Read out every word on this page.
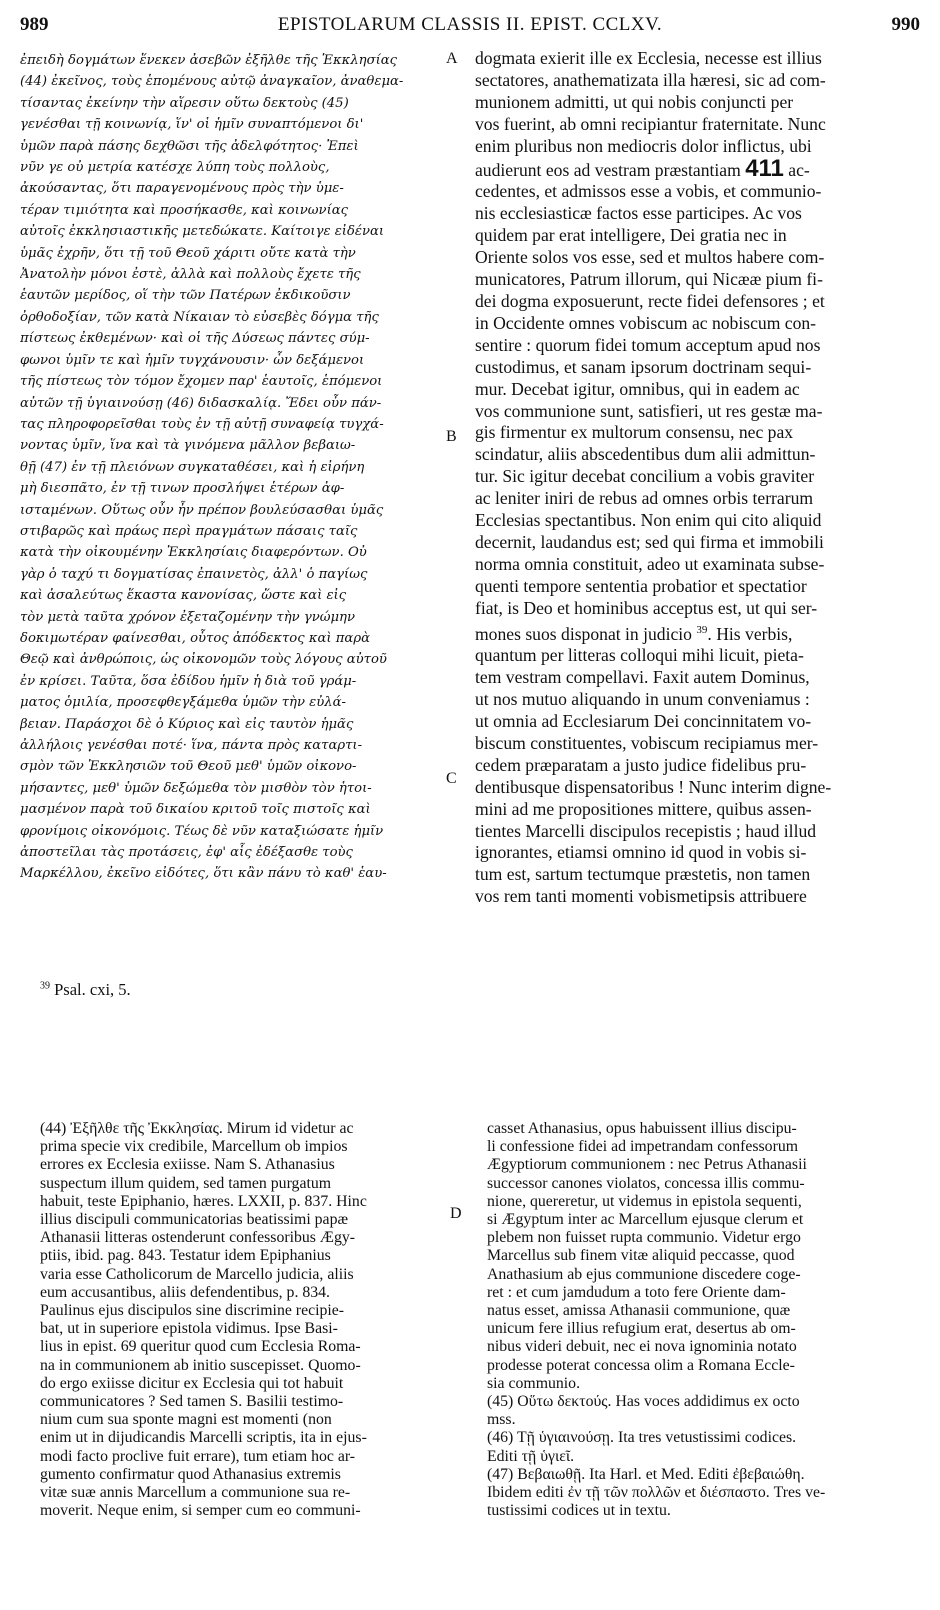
989	EPISTOLARUM CLASSIS II. EPIST. CCLXV.	990
ἐπειδὴ δογμάτων ἕνεκεν ἀσεβῶν ἐξῆλθε τῆς Ἐκκλησίας
(44) ἐκεῖνος, τοὺς ἑπομένους αὐτῷ ἀναγκαῖον, ἀναθεμα-
τίσαντας ἐκείνην τὴν αἵρεσιν οὕτω δεκτοὺς (45)
γενέσθαι τῇ κοινωνίᾳ, ἵν' οἱ ἡμῖν συναπτόμενοι δι'
ὑμῶν παρὰ πάσης δεχθῶσι τῆς ἀδελφότητος· Ἐπεὶ
νῦν γε οὐ μετρία κατέσχε λύπη τοὺς πολλοὺς,
ἀκούσαντας, ὅτι παραγενομένους πρὸς τὴν ὑμε-
τέραν τιμιότητα καὶ προσήκασθε, καὶ κοινωνίας
αὐτοῖς ἐκκλησιαστικῆς μετεδώκατε. Καίτοιγε εἰδέναι
ὑμᾶς ἐχρῆν, ὅτι τῇ τοῦ Θεοῦ χάριτι οὔτε κατὰ τὴν
Ἀνατολὴν μόνοι ἐστὲ, ἀλλὰ καὶ πολλοὺς ἔχετε τῆς
ἑαυτῶν μερίδος, οἵ τὴν τῶν Πατέρων ἐκδικοῦσιν
ὀρθοδοξίαν, τῶν κατὰ Νίκαιαν τὸ εὐσεβὲς δόγμα τῆς
πίστεως ἐκθεμένων· καὶ οἱ τῆς Δύσεως πάντες σύμ-
φωνοι ὑμῖν τε καὶ ἡμῖν τυγχάνουσιν· ὧν δεξάμενοι
τῆς πίστεως τὸν τόμον ἔχομεν παρ' ἑαυτοῖς, ἑπόμενοι
αὐτῶν τῇ ὑγιαινούσῃ (46) διδασκαλίᾳ. Ἔδει οὖν πάν-
τας πληροφορεῖσθαι τοὺς ἐν τῇ αὐτῇ συναφείᾳ τυγχά-
νοντας ὑμῖν, ἵνα καὶ τὰ γινόμενα μᾶλλον βεβαιω-
θῇ (47) ἐν τῇ πλειόνων συγκαταθέσει, καὶ ἡ εἰρήνη
μὴ διεσπᾶτο, ἐν τῇ τινων προσλήψει ἑτέρων ἀφ-
ισταμένων. Οὕτως οὖν ἦν πρέπον βουλεύσασθαι ὑμᾶς
στιβαρῶς καὶ πράως περὶ πραγμάτων πάσαις ταῖς
κατὰ τὴν οἰκουμένην Ἐκκλησίαις διαφερόντων. Οὐ
γὰρ ὁ ταχύ τι δογματίσας ἐπαινετὸς, ἀλλ' ὁ παγίως
καὶ ἀσαλεύτως ἕκαστα κανονίσας, ὥστε καὶ εἰς
τὸν μετὰ ταῦτα χρόνον ἐξεταζομένην τὴν γνώμην
δοκιμωτέραν φαίνεσθαι, οὗτος ἀπόδεκτος καὶ παρὰ
Θεῷ καὶ ἀνθρώποις, ὡς οἰκονομῶν τοὺς λόγους αὐτοῦ
ἐν κρίσει. Ταῦτα, ὅσα ἐδίδου ἡμῖν ἡ διὰ τοῦ γράμ-
ματος ὁμιλία, προσεφθεγξάμεθα ὑμῶν τὴν εὐλά-
βειαν. Παράσχοι δὲ ὁ Κύριος καὶ εἰς ταυτὸν ἡμᾶς
ἀλλήλοις γενέσθαι ποτέ· ἵνα, πάντα πρὸς καταρτι-
σμὸν τῶν Ἐκκλησιῶν τοῦ Θεοῦ μεθ' ὑμῶν οἰκονο-
μήσαντες, μεθ' ὑμῶν δεξώμεθα τὸν μισθὸν τὸν ἡτοι-
μασμένον παρὰ τοῦ δικαίου κριτοῦ τοῖς πιστοῖς καὶ
φρονίμοις οἰκονόμοις. Τέως δὲ νῦν καταξιώσατε ἡμῖν
ἀποστεῖλαι τὰς προτάσεις, ἐφ' αἷς ἐδέξασθε τοὺς
Μαρκέλλου, ἐκεῖνο εἰδότες, ὅτι κἂν πάνυ τὸ καθ' ἑαυ-
A
B
C
D
dogmata exierit ille ex Ecclesia, necesse est illius
sectatores, anathematizata illa hæresi, sic ad com-
munionem admitti, ut qui nobis conjuncti per
vos fuerint, ab omni recipiantur fraternitate. Nunc
enim pluribus non mediocris dolor inflictus, ubi
audierunt eos ad vestram præstantiam 411 ac-
cedentes, et admissos esse a vobis, et communio-
nis ecclesiasticæ factos esse participes. Ac vos
quidem par erat intelligere, Dei gratia nec in
Oriente solos vos esse, sed et multos habere com-
municatores, Patrum illorum, qui Nicææ pium fi-
dei dogma exposuerunt, recte fidei defensores ; et
in Occidente omnes vobiscum ac nobiscum con-
sentire : quorum fidei tomum acceptum apud nos
custodimus, et sanam ipsorum doctrinam sequi-
mur. Decebat igitur, omnibus, qui in eadem ac
vos communione sunt, satisfieri, ut res gestæ ma-
gis firmentur ex multorum consensu, nec pax
scindatur, aliis abscedentibus dum alii admittun-
tur. Sic igitur decebat concilium a vobis graviter
ac leniter iniri de rebus ad omnes orbis terrarum
Ecclesias spectantibus. Non enim qui cito aliquid
decernit, laudandus est; sed qui firma et immobili
norma omnia constituit, adeo ut examinata subse-
quenti tempore sententia probatior et spectatior
fiat, is Deo et hominibus acceptus est, ut qui ser-
mones suos disponat in judicio $^{39}$. His verbis,
quantum per litteras colloqui mihi licuit, pieta-
tem vestram compellavi. Faxit autem Dominus,
ut nos mutuo aliquando in unum conveniamus :
ut omnia ad Ecclesiarum Dei concinnitatem vo-
biscum constituentes, vobiscum recipiamus mer-
cedem præparatam a justo judice fidelibus pru-
dentibusque dispensatoribus ! Nunc interim digne-
mini ad me propositiones mittere, quibus assen-
tientes Marcelli discipulos recepistis ; haud illud
ignorantes, etiamsi omnino id quod in vobis si-
tum est, sartum tectumque præstetis, non tamen
vos rem tanti momenti vobismetipsis attribuere
$^{39}$ Psal. cxi, 5.
(44) Ἐξῆλθε τῆς Ἐκκλησίας. Mirum id videtur ac
prima specie vix credibile, Marcellum ob impios
errores ex Ecclesia exiisse. Nam S. Athanasius
suspectum illum quidem, sed tamen purgatum
habuit, teste Epiphanio, hæres. LXXII, p. 837. Hinc
illius discipuli communicatorias beatissimi papæ
Athanasii litteras ostenderunt confessoribus Ægy-
ptiis, ibid. pag. 843. Testatur idem Epiphanius
varia esse Catholicorum de Marcello judicia, aliis
eum accusantibus, aliis defendentibus, p. 834.
Paulinus ejus discipulos sine discrimine recipie-
bat, ut in superiore epistola vidimus. Ipse Basi-
lius in epist. 69 queritur quod cum Ecclesia Roma-
na in communionem ab initio suscepisset. Quomo-
do ergo exiisse dicitur ex Ecclesia qui tot habuit
communicatores ? Sed tamen S. Basilii testimo-
nium cum sua sponte magni est momenti (non
enim ut in dijudicandis Marcelli scriptis, ita in ejus-
modi facto proclive fuit errare), tum etiam hoc ar-
gumento confirmatur quod Athanasius extremis
vitæ suæ annis Marcellum a communione sua re-
moverit. Neque enim, si semper cum eo communi-
casset Athanasius, opus habuissent illius discipu-
li confessione fidei ad impetrandam confessorum
Ægyptiorum communionem : nec Petrus Athanasii
successor canones violatos, concessa illis commu-
nione, quereretur, ut videmus in epistola sequenti,
si Ægyptum inter ac Marcellum ejusque clerum et
plebem non fuisset rupta communio. Videtur ergo
Marcellus sub finem vitæ aliquid peccasse, quod
Anathasium ab ejus communione discedere coge-
ret : et cum jamdudum a toto fere Oriente dam-
natus esset, amissa Athanasii communione, quæ
unicum fere illius refugium erat, desertus ab om-
nibus videri debuit, nec ei nova ignominia notato
prodesse poterat concessa olim a Romana Eccle-
sia communio.
(45) Οὕτω δεκτούς. Has voces addidimus ex octo
mss.
(46) Τῇ ὑγιαινούσῃ. Ita tres vetustissimi codices.
Editi τῇ ὑγιεῖ.
(47) Βεβαιωθῇ. Ita Harl. et Med. Editi ἐβεβαιώθη.
Ibidem editi ἐν τῇ τῶν πολλῶν et διέσπαστο. Tres ve-
tustissimi codices ut in textu.
